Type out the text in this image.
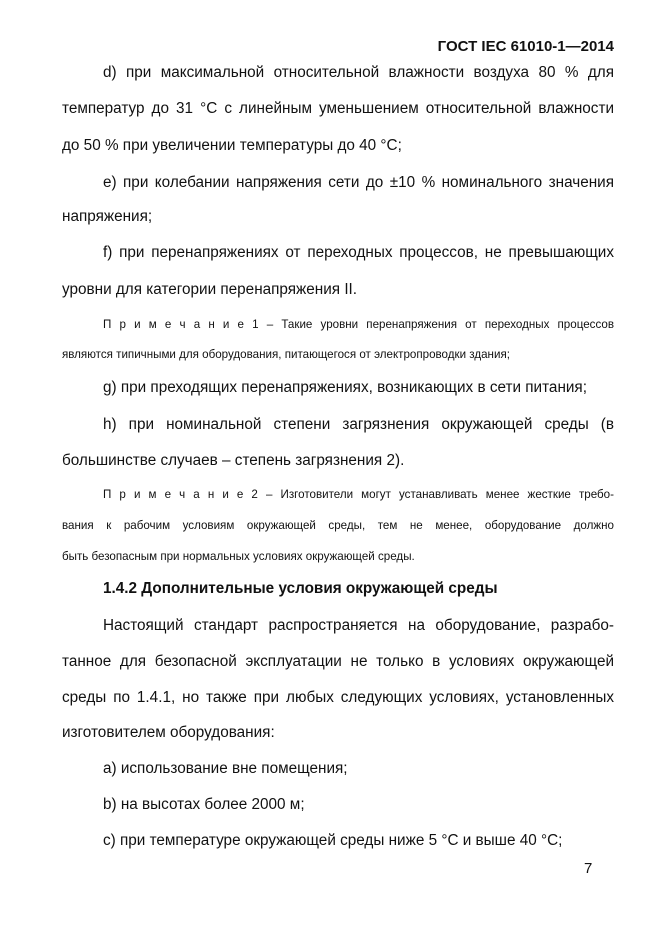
ГОСТ IEC 61010-1—2014
d) при максимальной относительной влажности воздуха 80 % для
температур до 31 °C с линейным уменьшением относительной влажности
до 50 % при увеличении температуры до 40 °C;
e) при колебании напряжения сети до ±10 % номинального значения
напряжения;
f) при перенапряжениях от переходных процессов, не превышающих
уровни для категории перенапряжения II.
П р и м е ч а н и е 1 – Такие уровни перенапряжения от переходных процессов
являются типичными для оборудования, питающегося от электропроводки здания;
g) при преходящих перенапряжениях, возникающих в сети питания;
h) при номинальной степени загрязнения окружающей среды (в
большинстве случаев – степень загрязнения 2).
П р и м е ч а н и е 2 – Изготовители могут устанавливать менее жесткие требо-
вания к рабочим условиям окружающей среды, тем не менее, оборудование должно
быть безопасным при нормальных условиях окружающей среды.
1.4.2 Дополнительные условия окружающей среды
Настоящий стандарт распространяется на оборудование, разрабо-
танное для безопасной эксплуатации не только в условиях окружающей
среды по 1.4.1, но также при любых следующих условиях, установленных
изготовителем оборудования:
a) использование вне помещения;
b) на высотах более 2000 м;
c) при температуре окружающей среды ниже 5 °C и выше 40 °C;
7
